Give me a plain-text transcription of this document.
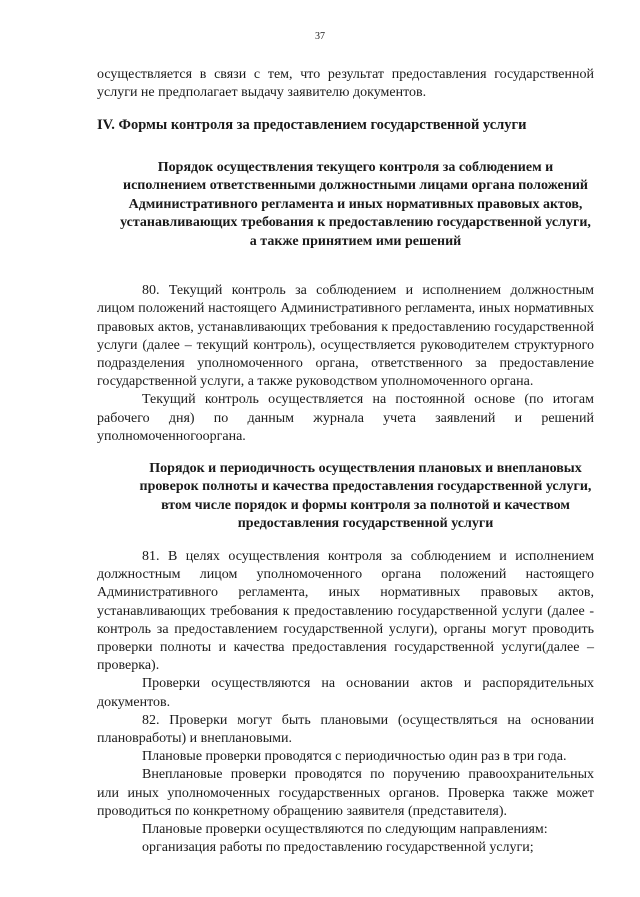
37

осуществляется в связи с тем, что результат предоставления государственной услуги не предполагает выдачу заявителю документов.

IV. Формы контроля за предоставлением государственной услуги

Порядок осуществления текущего контроля за соблюдением и исполнением ответственными должностными лицами органа положений Административного регламента и иных нормативных правовых актов, устанавливающих требования к предоставлению государственной услуги, а также принятием ими решений

80. Текущий контроль за соблюдением и исполнением должностным лицом положений настоящего Административного регламента, иных нормативных правовых актов, устанавливающих требования к предоставлению государственной услуги (далее – текущий контроль), осуществляется руководителем структурного подразделения уполномоченного органа, ответственного за предоставление государственной услуги, а также руководством уполномоченного органа.

Текущий контроль осуществляется на постоянной основе (по итогам рабочего дня) по данным журнала учета заявлений и решений уполномоченногооргана.

Порядок и периодичность осуществления плановых и внеплановых проверок полноты и качества предоставления государственной услуги, втом числе порядок и формы контроля за полнотой и качеством предоставления государственной услуги

81. В целях осуществления контроля за соблюдением и исполнением должностным лицом уполномоченного органа положений настоящего Административного регламента, иных нормативных правовых актов, устанавливающих требования к предоставлению государственной услуги (далее - контроль за предоставлением государственной услуги), органы могут проводить проверки полноты и качества предоставления государственной услуги(далее – проверка).

Проверки осуществляются на основании актов и распорядительных документов.

82. Проверки могут быть плановыми (осуществляться на основании плановработы) и внеплановыми.

Плановые проверки проводятся с периодичностью один раз в три года.

Внеплановые проверки проводятся по поручению правоохранительных или иных уполномоченных государственных органов. Проверка также может проводиться по конкретному обращению заявителя (представителя).

Плановые проверки осуществляются по следующим направлениям:

организация работы по предоставлению государственной услуги;
